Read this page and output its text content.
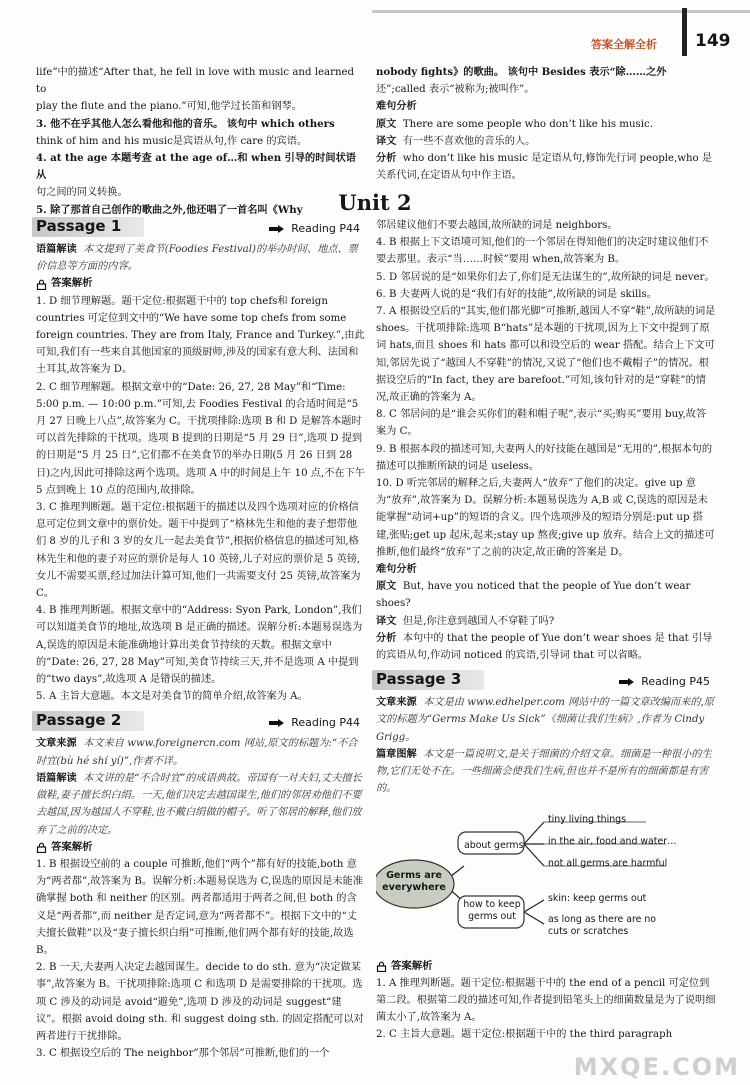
答案全解全析 149

life”中的描述“After that, he fell in love with music and learned to

play the flute and the piano.”可知,他学过长笛和钢琴。

3. 他不在乎其他人怎么看他和他的音乐。 该句中 which others

think of him and his music是宾语从句,作 care 的宾语。

4. at the age 本题考查 at the age of…和 when 引导的时间状语从

句之间的同义转换。

5. 除了那首自己创作的歌曲之外,他还唱了一首名叫《Why

nobody fights》的歌曲。 该句中 Besides 表示“除……之外

还”;called 表示“被称为;被叫作”。

难句分析

原文 There are some people who don’t like his music.

译文 有一些不喜欢他的音乐的人。

分析 who don’t like his music 是定语从句,修饰先行词 people,who 是关系代词,在定语从句中作主语。

Unit 2
Passage 1	Reading P44

语篇解读 本文提到了美食节(Foodies Festival)的举办时间、地点、票价信息等方面的内容。

答案解析

1. D 细节理解题。题干定位:根据题干中的 top chefs和 foreign countries 可定位到文中的“We have some top chefs from some foreign countries. They are from Italy, France and Turkey.”,由此可知,我们有一些来自其他国家的顶级厨师,涉及的国家有意大利、法国和土耳其,故答案为 D。

2. C 细节理解题。根据文章中的“Date: 26, 27, 28 May”和“Time: 5:00 p.m. — 10:00 p.m.”可知,去 Foodies Festival 的合适时间是“5 月 27 日晚上八点”,故答案为 C。干扰项排除:选项 B 和 D 是解答本题时可以首先排除的干扰项。选项 B 提到的日期是“5 月 29 日”,选项 D 提到的日期是“5 月 25 日”,它们都不在美食节的举办日期(5 月 26 日到 28 日)之内,因此可排除这两个选项。选项 A 中的时间是上午 10 点,不在下午 5 点到晚上 10 点的范围内,故排除。

3. C 推理判断题。题干定位:根据题干的描述以及四个选项对应的价格信息可定位到文章中的票价处。题干中提到了“格林先生和他的妻子想带他们 8 岁的儿子和 3 岁的女儿一起去美食节”,根据价格信息的描述可知,格林先生和他的妻子对应的票价是每人 10 英镑,儿子对应的票价是 5 英镑,女儿不需要买票,经过加法计算可知,他们一共需要支付 25 英镑,故答案为 C。

4. B 推理判断题。根据文章中的“Address: Syon Park, London”,我们可以知道美食节的地址,故选项 B 是正确的描述。误解分析:本题易误选为 A,误选的原因是未能准确地计算出美食节持续的天数。根据文章中的“Date: 26, 27, 28 May”可知,美食节持续三天,并不是选项 A 中提到的“two days”,故选项 A 是错误的描述。

5. A 主旨大意题。本文是对美食节的简单介绍,故答案为 A。

Passage 2	Reading P44

文章来源 本文来自 www.foreignercn.com 网站,原文的标题为:“不合时宜(bù hé shí yí)”,作者不详。

语篇解读 本文讲的是“不合时宜”的成语典故。帝国有一对夫妇,丈夫擅长做鞋,妻子擅长织白绢。一天,他们决定去越国谋生,他们的邻居劝他们不要去越国,因为越国人不穿鞋,也不戴白绢做的帽子。听了邻居的解释,他们放弃了之前的决定。

答案解析

1. B 根据设空前的 a couple 可推断,他们“两个”都有好的技能,both 意为“两者都”,故答案为 B。误解分析:本题易误选为 C,误选的原因是未能准确掌握 both 和 neither 的区别。两者都适用于两者之间,但 both 的含义是“两者都”,而 neither 是否定词,意为“两者都不”。根据下文中的“丈夫擅长做鞋”以及“妻子擅长织白绢”可推断,他们两个都有好的技能,故选 B。

2. B 一天,夫妻两人决定去越国谋生。decide to do sth. 意为“决定做某事”,故答案为 B。干扰项排除:选项 C 和选项 D 是需要排除的干扰项。选项 C 涉及的动词是 avoid“避免”,选项 D 涉及的动词是 suggest“建议”。根据 avoid doing sth. 和 suggest doing sth. 的固定搭配可以对两者进行干扰排除。

3. C 根据设空后的 The neighbor”那个邻居”可推断,他们的一个

邻居建议他们不要去越国,故所缺的词是 neighbors。

4. B 根据上下文语境可知,他们的一个邻居在得知他们的决定时建议他们不要去那里。表示“当……时候”要用 when,故答案为 B。

5. D 邻居说的是“如果你们去了,你们是无法谋生的”,故所缺的词是 never。

6. B 夫妻两人说的是“我们有好的技能”,故所缺的词是 skills。

7. A 根据设空后的“其实,他们都光脚”可推断,越国人不穿“鞋”,故所缺的词是 shoes。干扰项排除:选项 B“hats”是本题的干扰项,因为上下文中提到了原词 hats,而且 shoes 和 hats 都可以和设空后的 wear 搭配。结合上下文可知,邻居先说了“越国人不穿鞋”的情况,又说了“他们也不戴帽子”的情况。根据设空后的“In fact, they are barefoot.”可知,该句针对的是“穿鞋”的情况,故正确的答案为 A。

8. C 邻居问的是“谁会买你们的鞋和帽子呢”,表示“买;购买”要用 buy,故答案为 C。

9. B 根据本段的描述可知,夫妻两人的好技能在越国是“无用的”,根据本句的描述可以推断所缺的词是 useless。

10. D 听完邻居的解释之后,夫妻两人“放弃”了他们的决定。give up 意为“放弃”,故答案为 D。误解分析:本题易误选为 A,B 或 C,误选的原因是未能掌握“动词+up”的短语的含义。四个选项涉及的短语分别是:put up 搭建,张贴;get up 起床,起来;stay up 熬夜;give up 放弃。结合上文的描述可推断,他们最终“放弃”了之前的决定,故正确的答案是 D。

难句分析

原文 But, have you noticed that the people of Yue don’t wear shoes?

译文 但是,你注意到越国人不穿鞋了吗?

分析 本句中的 that the people of Yue don’t wear shoes 是 that 引导的宾语从句,作动词 noticed 的宾语,引导词 that 可以省略。

Passage 3	Reading P45

文章来源 本文是由 www.edhelper.com 网站中的一篇文章改编而来的,原文的标题为“Germs Make Us Sick”《细菌让我们生病》,作者为 Cindy Grigg。

篇章图解 本文是一篇说明文,是关于细菌的介绍文章。细菌是一种很小的生物,它们无处不在。一些细菌会使我们生病,但也并不是所有的细菌都是有害的。

Germs are everywhere
about germs
tiny living things
in the air, food and water…
not all germs are harmful
how to keep germs out
skin: keep germs out
as long as there are no cuts or scratches

答案解析

1. A 推理判断题。题干定位:根据题干中的 the end of a pencil 可定位到第二段。根据第二段的描述可知,作者提到铅笔头上的细菌数量是为了说明细菌太小了,故答案为 A。

2. C 主旨大意题。题干定位:根据题干中的 the third paragraph

MXQE.COM
